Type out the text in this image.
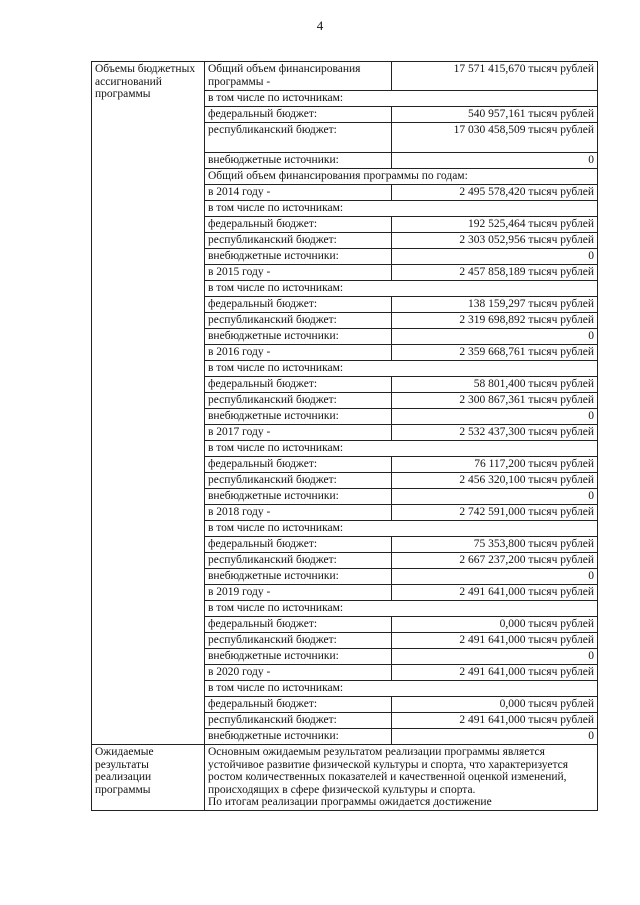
4
Объемы бюджетных ассигнований программы	Общий объем финансирования программы -	17 571 415,670 тысяч рублей
	в том числе по источникам:	
	федеральный бюджет:	540 957,161 тысяч рублей
	республиканский бюджет:	17 030 458,509 тысяч рублей
	внебюджетные источники:	0
	Общий объем финансирования программы по годам:	
	в 2014 году -	2 495 578,420 тысяч рублей
	в том числе по источникам:	
	федеральный бюджет:	192 525,464 тысяч рублей
	республиканский бюджет:	2 303 052,956 тысяч рублей
	внебюджетные источники:	0
	в 2015 году -	2 457 858,189 тысяч рублей
	в том числе по источникам:	
	федеральный бюджет:	138 159,297 тысяч рублей
	республиканский бюджет:	2 319 698,892 тысяч рублей
	внебюджетные источники:	0
	в 2016 году -	2 359 668,761 тысяч рублей
	в том числе по источникам:	
	федеральный бюджет:	58 801,400 тысяч рублей
	республиканский бюджет:	2 300 867,361 тысяч рублей
	внебюджетные источники:	0
	в 2017 году -	2 532 437,300 тысяч рублей
	в том числе по источникам:	
	федеральный бюджет:	76 117,200 тысяч рублей
	республиканский бюджет:	2 456 320,100 тысяч рублей
	внебюджетные источники:	0
	в 2018 году -	2 742 591,000 тысяч рублей
	в том числе по источникам:	
	федеральный бюджет:	75 353,800 тысяч рублей
	республиканский бюджет:	2 667 237,200 тысяч рублей
	внебюджетные источники:	0
	в 2019 году -	2 491 641,000 тысяч рублей
	в том числе по источникам:	
	федеральный бюджет:	0,000 тысяч рублей
	республиканский бюджет:	2 491 641,000 тысяч рублей
	внебюджетные источники:	0
	в 2020 году -	2 491 641,000 тысяч рублей
	в том числе по источникам:	
	федеральный бюджет:	0,000 тысяч рублей
	республиканский бюджет:	2 491 641,000 тысяч рублей
	внебюджетные источники:	0
Ожидаемые результаты реализации программы	Основным ожидаемым результатом реализации программы является устойчивое развитие физической культуры и спорта, что характеризуется ростом количественных показателей и качественной оценкой изменений, происходящих в сфере физической культуры и спорта.
По итогам реализации программы ожидается достижение	
